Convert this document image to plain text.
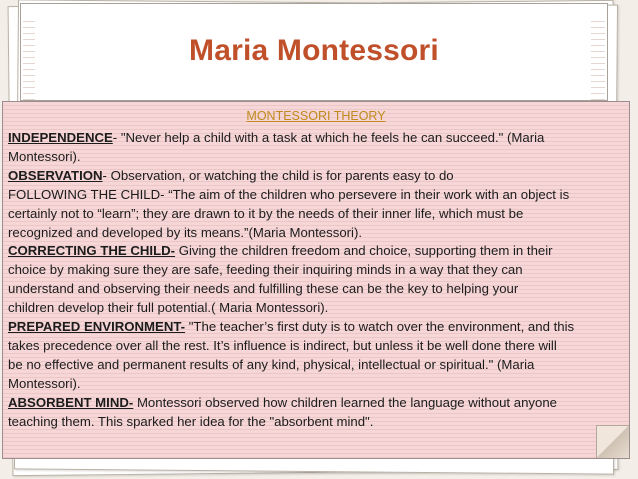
Maria Montessori
MONTESSORI THEORY
INDEPENDENCE- "Never help a child with a task at which he feels he can succeed." (Maria
Montessori).
OBSERVATION- Observation, or watching the child is for parents easy to do
FOLLOWING THE CHILD- “The aim of the children who persevere in their work with an object is
certainly not to “learn”; they are drawn to it by the needs of their inner life, which must be
recognized and developed by its means.”(Maria Montessori).
CORRECTING THE CHILD- Giving the children freedom and choice, supporting them in their
choice by making sure they are safe, feeding their inquiring minds in a way that they can
understand and observing their needs and fulfilling these can be the key to helping your
children develop their full potential.( Maria Montessori).
PREPARED ENVIRONMENT- "The teacher’s first duty is to watch over the environment, and this
takes precedence over all the rest. It’s influence is indirect, but unless it be well done there will
be no effective and permanent results of any kind, physical, intellectual or spiritual." (Maria
Montessori).
ABSORBENT MIND- Montessori observed how children learned the language without anyone
teaching them. This sparked her idea for the "absorbent mind".
